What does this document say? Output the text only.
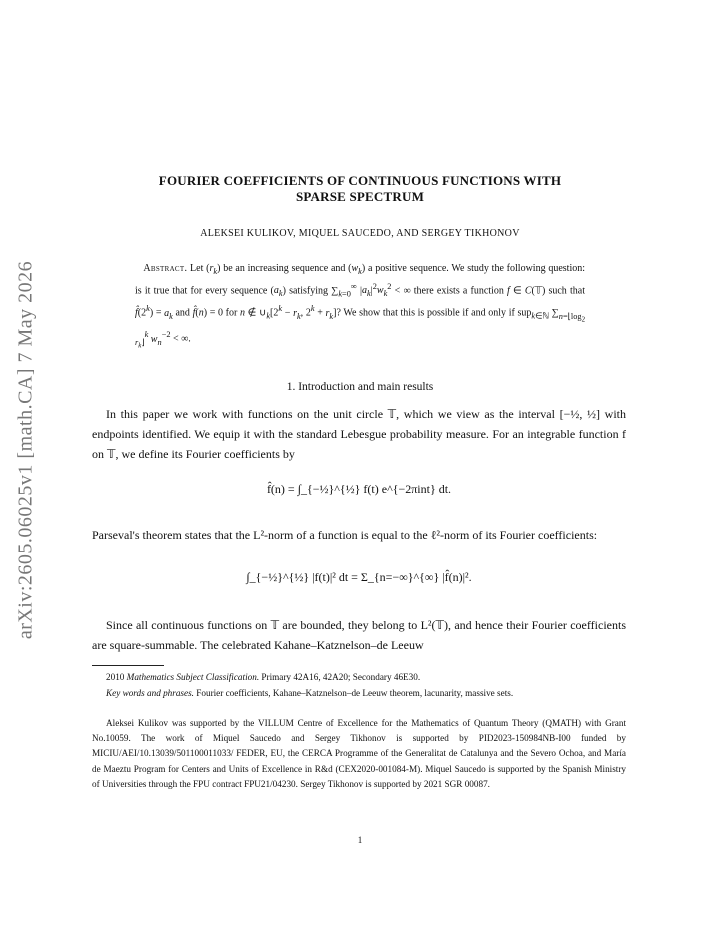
arXiv:2605.06025v1 [math.CA] 7 May 2026
FOURIER COEFFICIENTS OF CONTINUOUS FUNCTIONS WITH
SPARSE SPECTRUM
ALEKSEI KULIKOV, MIQUEL SAUCEDO, AND SERGEY TIKHONOV
Abstract. Let $(r_k)$ be an increasing sequence and $(w_k)$ a positive sequence. We study the following question: is it true that for every sequence $(a_k)$ satisfying $\sum_{k=0}^\infty$ $|a_k|^2w_k^2$ < ∞ there exists a function f ∈ C(𝕋) such that $f̂(2^k) = a_k$ and f̂(n) = 0 for n ∉ $\cup_k[2^k - r_k$, $2^k + r_k$]? We show that this is possible if and only if sup$_{k\in ℕ}$ $\sum_{n=⌊log_2 r_k⌋}^k$ $w_n^{-2}$ < ∞.
1. Introduction and main results
In this paper we work with functions on the unit circle 𝕋, which we view as the interval [−½, ½] with endpoints identified. We equip it with the standard Lebesgue probability measure. For an integrable function f on 𝕋, we define its Fourier coefficients by
f̂(n) = ∫_{−½}^{½} f(t) e^{−2πint} dt.
Parseval's theorem states that the L²-norm of a function is equal to the ℓ²-norm of its Fourier coefficients:
∫_{−½}^{½} |f(t)|² dt = Σ_{n=−∞}^{∞} |f̂(n)|².
Since all continuous functions on 𝕋 are bounded, they belong to L²(𝕋), and hence their Fourier coefficients are square-summable. The celebrated Kahane–Katznelson–de Leeuw
2010 Mathematics Subject Classification. Primary 42A16, 42A20; Secondary 46E30.
Key words and phrases. Fourier coefficients, Kahane–Katznelson–de Leeuw theorem, lacunarity, massive sets.
Aleksei Kulikov was supported by the VILLUM Centre of Excellence for the Mathematics of Quantum Theory (QMATH) with Grant No.10059. The work of Miquel Saucedo and Sergey Tikhonov is supported by PID2023-150984NB-I00 funded by MICIU/AEI/10.13039/501100011033/ FEDER, EU, the CERCA Programme of the Generalitat de Catalunya and the Severo Ochoa, and María de Maeztu Program for Centers and Units of Excellence in R&d (CEX2020-001084-M). Miquel Saucedo is supported by the Spanish Ministry of Universities through the FPU contract FPU21/04230. Sergey Tikhonov is supported by 2021 SGR 00087.
1
